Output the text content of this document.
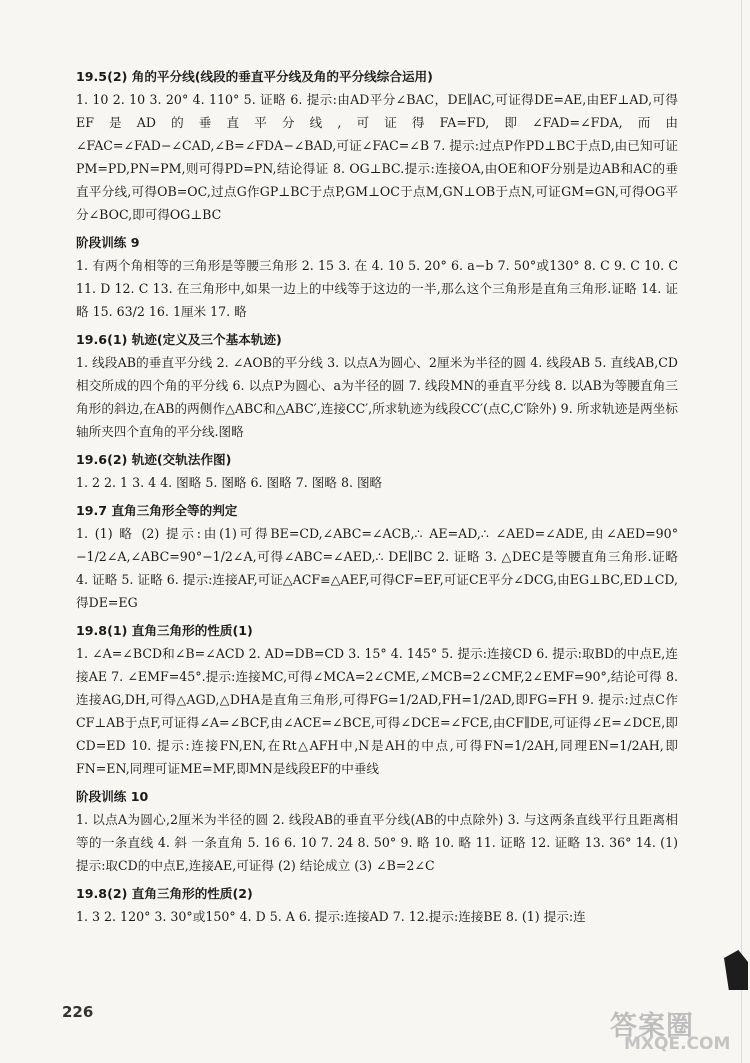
19.5(2) 角的平分线(线段的垂直平分线及角的平分线综合运用)
1. 10 2. 10 3. 20° 4. 110° 5. 证略 6. 提示:由AD平分∠BAC，DE∥AC,可证得DE=AE,由EF⊥AD,可得EF是AD的垂直平分线,可证得FA=FD,即∠FAD=∠FDA,而由∠FAC=∠FAD−∠CAD,∠B=∠FDA−∠BAD,可证∠FAC=∠B 7. 提示:过点P作PD⊥BC于点D,由已知可证PM=PD,PN=PM,则可得PD=PN,结论得证 8. OG⊥BC.提示:连接OA,由OE和OF分别是边AB和AC的垂直平分线,可得OB=OC,过点G作GP⊥BC于点P,GM⊥OC于点M,GN⊥OB于点N,可证GM=GN,可得OG平分∠BOC,即可得OG⊥BC
阶段训练 9
1. 有两个角相等的三角形是等腰三角形 2. 15 3. 在 4. 10 5. 20° 6. a−b 7. 50°或130° 8. C 9. C 10. C 11. D 12. C 13. 在三角形中,如果一边上的中线等于这边的一半,那么这个三角形是直角三角形.证略 14. 证略 15. 63/2 16. 1厘米 17. 略
19.6(1) 轨迹(定义及三个基本轨迹)
1. 线段AB的垂直平分线 2. ∠AOB的平分线 3. 以点A为圆心、2厘米为半径的圆 4. 线段AB 5. 直线AB,CD相交所成的四个角的平分线 6. 以点P为圆心、a为半径的圆 7. 线段MN的垂直平分线 8. 以AB为等腰直角三角形的斜边,在AB的两侧作△ABC和△ABC′,连接CC′,所求轨迹为线段CC′(点C,C′除外) 9. 所求轨迹是两坐标轴所夹四个直角的平分线.图略
19.6(2) 轨迹(交轨法作图)
1. 2 2. 1 3. 4 4. 图略 5. 图略 6. 图略 7. 图略 8. 图略
19.7 直角三角形全等的判定
1. (1) 略 (2) 提示:由(1)可得BE=CD,∠ABC=∠ACB,∴ AE=AD,∴ ∠AED=∠ADE,由∠AED=90°−1/2∠A,∠ABC=90°−1/2∠A,可得∠ABC=∠AED,∴ DE∥BC 2. 证略 3. △DEC是等腰直角三角形.证略 4. 证略 5. 证略 6. 提示:连接AF,可证△ACF≌△AEF,可得CF=EF,可证CE平分∠DCG,由EG⊥BC,ED⊥CD,得DE=EG
19.8(1) 直角三角形的性质(1)
1. ∠A=∠BCD和∠B=∠ACD 2. AD=DB=CD 3. 15° 4. 145° 5. 提示:连接CD 6. 提示:取BD的中点E,连接AE 7. ∠EMF=45°.提示:连接MC,可得∠MCA=2∠CME,∠MCB=2∠CMF,2∠EMF=90°,结论可得 8. 连接AG,DH,可得△AGD,△DHA是直角三角形,可得FG=1/2AD,FH=1/2AD,即FG=FH 9. 提示:过点C作CF⊥AB于点F,可证得∠A=∠BCF,由∠ACE=∠BCE,可得∠DCE=∠FCE,由CF∥DE,可证得∠E=∠DCE,即CD=ED 10. 提示:连接FN,EN,在Rt△AFH中,N是AH的中点,可得FN=1/2AH,同理EN=1/2AH,即FN=EN,同理可证ME=MF,即MN是线段EF的中垂线
阶段训练 10
1. 以点A为圆心,2厘米为半径的圆 2. 线段AB的垂直平分线(AB的中点除外) 3. 与这两条直线平行且距离相等的一条直线 4. 斜 一条直角 5. 16 6. 10 7. 24 8. 50° 9. 略 10. 略 11. 证略 12. 证略 13. 36° 14. (1) 提示:取CD的中点E,连接AE,可证得 (2) 结论成立 (3) ∠B=2∠C
19.8(2) 直角三角形的性质(2)
1. 3 2. 120° 3. 30°或150° 4. D 5. A 6. 提示:连接AD 7. 12.提示:连接BE 8. (1) 提示:连
226	答案圈
MXQE.COM
